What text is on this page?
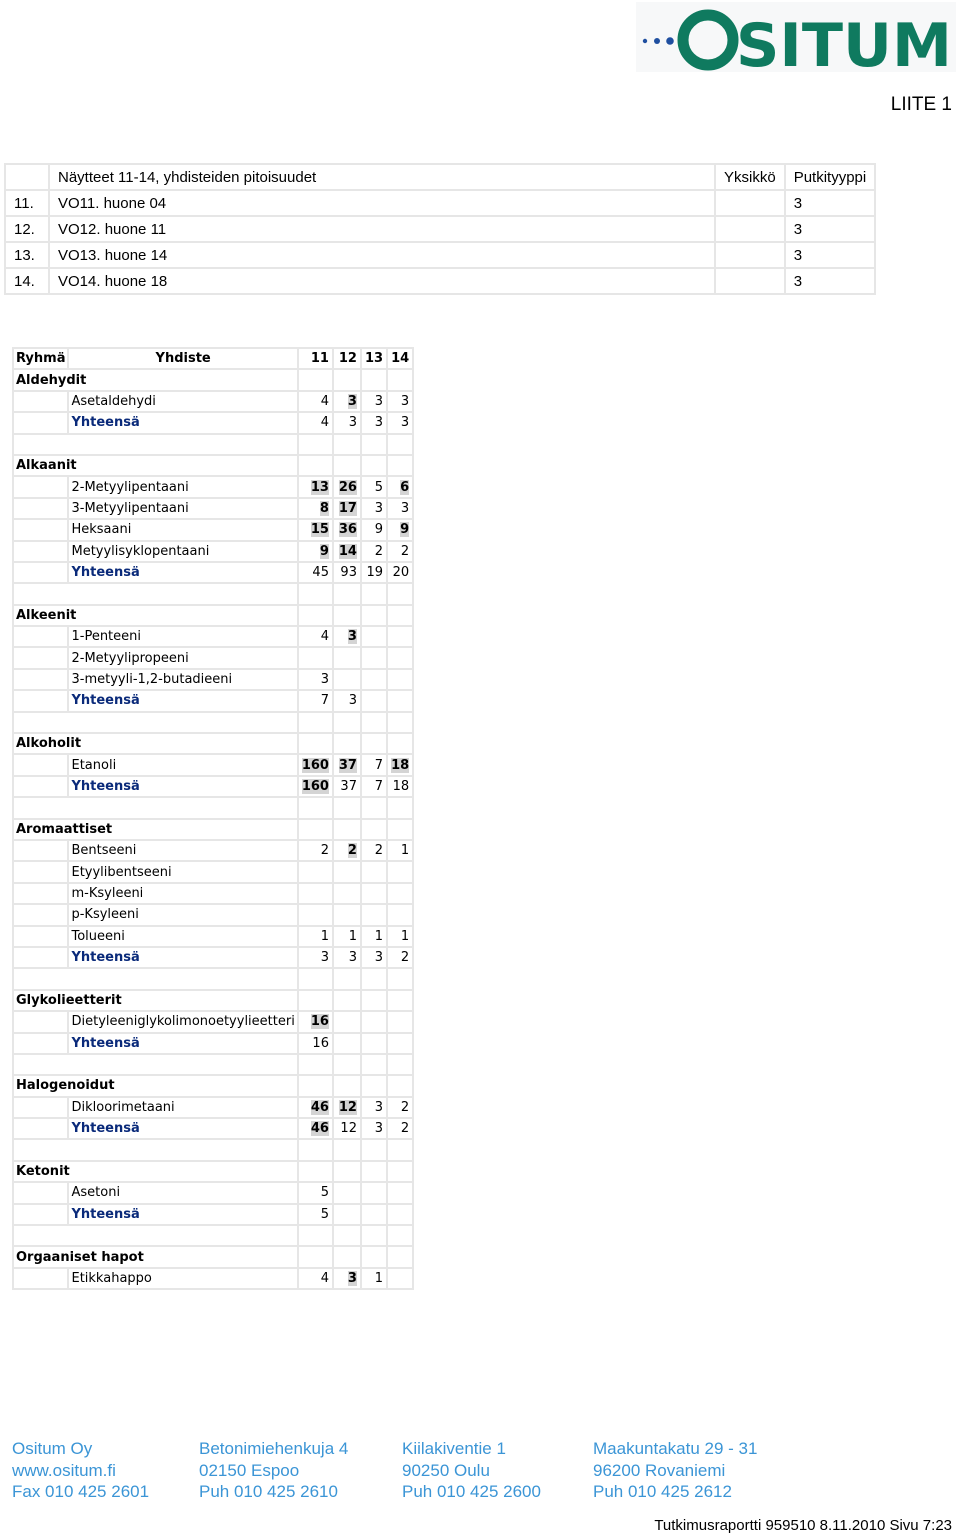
SITUM
LIITE 1
	Näytteet 11-14, yhdisteiden pitoisuudet	Yksikkö	Putkityyppi
11.	VO11. huone 04		3
12.	VO12. huone 11		3
13.	VO13. huone 14		3
14.	VO14. huone 18		3
Ryhmä	Yhdiste	11	12	13	14
Aldehydit					
	Asetaldehydi	4	3	3	3
	Yhteensä	4	3	3	3

Alkaanit					
	2-Metyylipentaani	13	26	5	6
	3-Metyylipentaani	8	17	3	3
	Heksaani	15	36	9	9
	Metyylisyklopentaani	9	14	2	2
	Yhteensä	45	93	19	20

Alkeenit					
	1-Penteeni	4	3		
	2-Metyylipropeeni				
	3-metyyli-1,2-butadieeni	3			
	Yhteensä	7	3		

Alkoholit					
	Etanoli	160	37	7	18
	Yhteensä	160	37	7	18

Aromaattiset					
	Bentseeni	2	2	2	1
	Etyylibentseeni				
	m-Ksyleeni				
	p-Ksyleeni				
	Tolueeni	1	1	1	1
	Yhteensä	3	3	3	2

Glykolieetterit					
	Dietyleeniglykolimonoetyylieetteri	16			
	Yhteensä	16			

Halogenoidut					
	Dikloorimetaani	46	12	3	2
	Yhteensä	46	12	3	2

Ketonit					
	Asetoni	5			
	Yhteensä	5			

Orgaaniset hapot					
	Etikkahappo	4	3	1	
Ositum Oy
www.ositum.fi
Fax 010 425 2601
Betonimiehenkuja 4
02150 Espoo
Puh 010 425 2610
Kiilakiventie 1
90250 Oulu
Puh 010 425 2600
Maakuntakatu 29 - 31
96200 Rovaniemi
Puh 010 425 2612
Tutkimusraportti 959510 8.11.2010 Sivu 7:23
